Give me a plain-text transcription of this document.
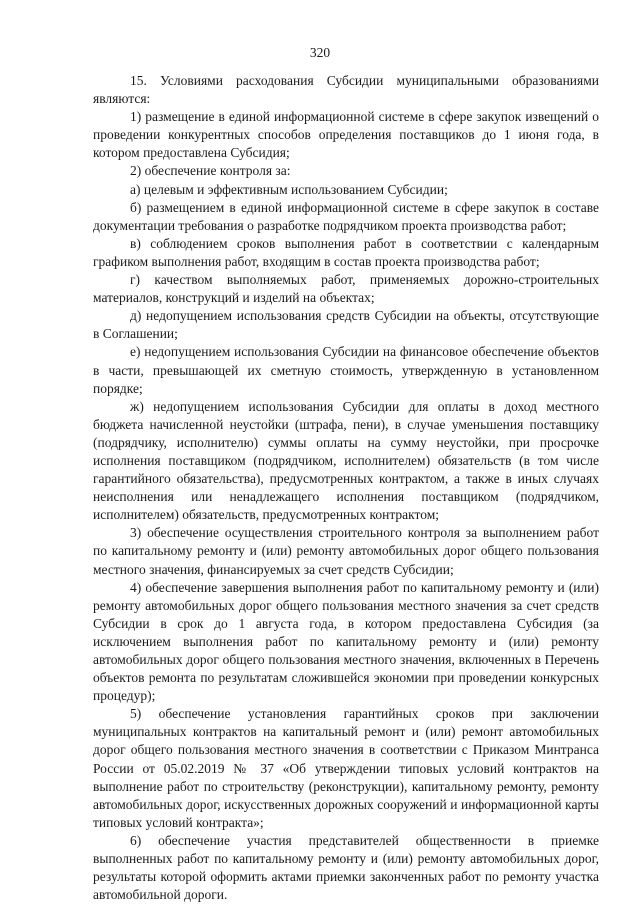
320

15. Условиями расходования Субсидии муниципальными образованиями являются:

1) размещение в единой информационной системе в сфере закупок извещений о проведении конкурентных способов определения поставщиков до 1 июня года, в котором предоставлена Субсидия;

2) обеспечение контроля за:

а) целевым и эффективным использованием Субсидии;

б) размещением в единой информационной системе в сфере закупок в составе документации требования о разработке подрядчиком проекта производства работ;

в) соблюдением сроков выполнения работ в соответствии с календарным графиком выполнения работ, входящим в состав проекта производства работ;

г) качеством выполняемых работ, применяемых дорожно-строительных материалов, конструкций и изделий на объектах;

д) недопущением использования средств Субсидии на объекты, отсутствующие в Соглашении;

е) недопущением использования Субсидии на финансовое обеспечение объектов в части, превышающей их сметную стоимость, утвержденную в установленном порядке;

ж) недопущением использования Субсидии для оплаты в доход местного бюджета начисленной неустойки (штрафа, пени), в случае уменьшения поставщику (подрядчику, исполнителю) суммы оплаты на сумму неустойки, при просрочке исполнения поставщиком (подрядчиком, исполнителем) обязательств (в том числе гарантийного обязательства), предусмотренных контрактом, а также в иных случаях неисполнения или ненадлежащего исполнения поставщиком (подрядчиком, исполнителем) обязательств, предусмотренных контрактом;

3) обеспечение осуществления строительного контроля за выполнением работ по капитальному ремонту и (или) ремонту автомобильных дорог общего пользования местного значения, финансируемых за счет средств Субсидии;

4) обеспечение завершения выполнения работ по капитальному ремонту и (или) ремонту автомобильных дорог общего пользования местного значения за счет средств Субсидии в срок до 1 августа года, в котором предоставлена Субсидия (за исключением выполнения работ по капитальному ремонту и (или) ремонту автомобильных дорог общего пользования местного значения, включенных в Перечень объектов ремонта по результатам сложившейся экономии при проведении конкурсных процедур);

5) обеспечение установления гарантийных сроков при заключении муниципальных контрактов на капитальный ремонт и (или) ремонт автомобильных дорог общего пользования местного значения в соответствии с Приказом Минтранса России от 05.02.2019 № 37 «Об утверждении типовых условий контрактов на выполнение работ по строительству (реконструкции), капитальному ремонту, ремонту автомобильных дорог, искусственных дорожных сооружений и информационной карты типовых условий контракта»;

6) обеспечение участия представителей общественности в приемке выполненных работ по капитальному ремонту и (или) ремонту автомобильных дорог, результаты которой оформить актами приемки законченных работ по ремонту участка автомобильной дороги.
